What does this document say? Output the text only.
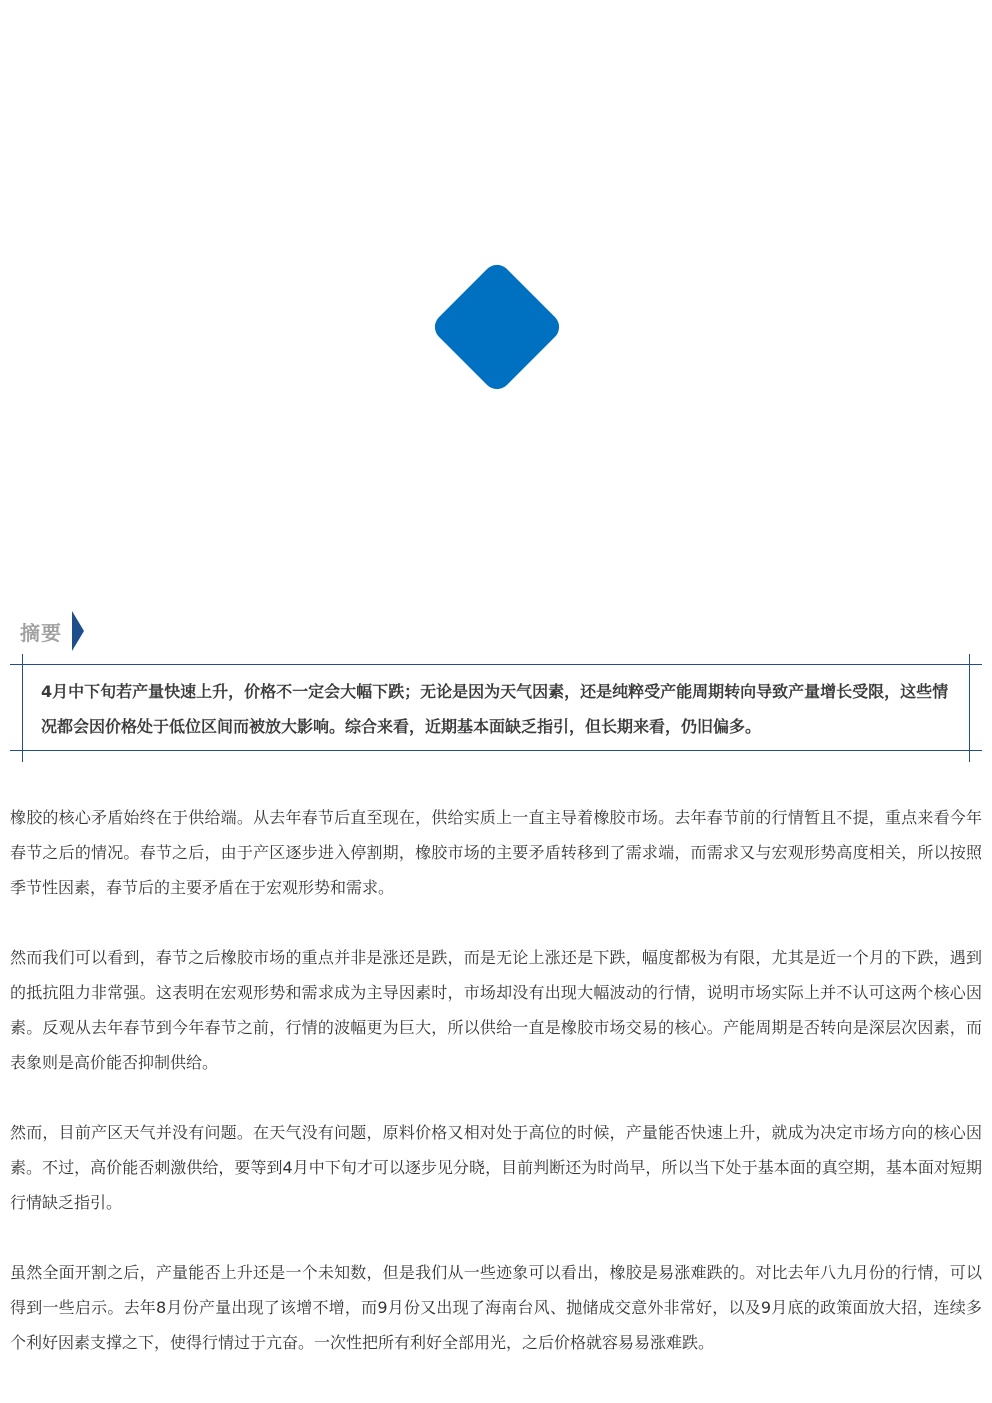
摘要

4月中下旬若产量快速上升，价格不一定会大幅下跌；无论是因为天气因素，还是纯粹受产能周期转向导致产量增长受限，这些情况都会因价格处于低位区间而被放大影响。综合来看，近期基本面缺乏指引，但长期来看，仍旧偏多。

橡胶的核心矛盾始终在于供给端。从去年春节后直至现在，供给实质上一直主导着橡胶市场。去年春节前的行情暂且不提，重点来看今年春节之后的情况。春节之后，由于产区逐步进入停割期，橡胶市场的主要矛盾转移到了需求端，而需求又与宏观形势高度相关，所以按照季节性因素，春节后的主要矛盾在于宏观形势和需求。

然而我们可以看到，春节之后橡胶市场的重点并非是涨还是跌，而是无论上涨还是下跌，幅度都极为有限，尤其是近一个月的下跌，遇到的抵抗阻力非常强。这表明在宏观形势和需求成为主导因素时，市场却没有出现大幅波动的行情，说明市场实际上并不认可这两个核心因素。反观从去年春节到今年春节之前，行情的波幅更为巨大，所以供给一直是橡胶市场交易的核心。产能周期是否转向是深层次因素，而表象则是高价能否抑制供给。

然而，目前产区天气并没有问题。在天气没有问题，原料价格又相对处于高位的时候，产量能否快速上升，就成为决定市场方向的核心因素。不过，高价能否刺激供给，要等到4月中下旬才可以逐步见分晓，目前判断还为时尚早，所以当下处于基本面的真空期，基本面对短期行情缺乏指引。

虽然全面开割之后，产量能否上升还是一个未知数，但是我们从一些迹象可以看出，橡胶是易涨难跌的。对比去年八九月份的行情，可以得到一些启示。去年8月份产量出现了该增不增，而9月份又出现了海南台风、抛储成交意外非常好，以及9月底的政策面放大招，连续多个利好因素支撑之下，使得行情过于亢奋。一次性把所有利好全部用光，之后价格就容易易涨难跌。
